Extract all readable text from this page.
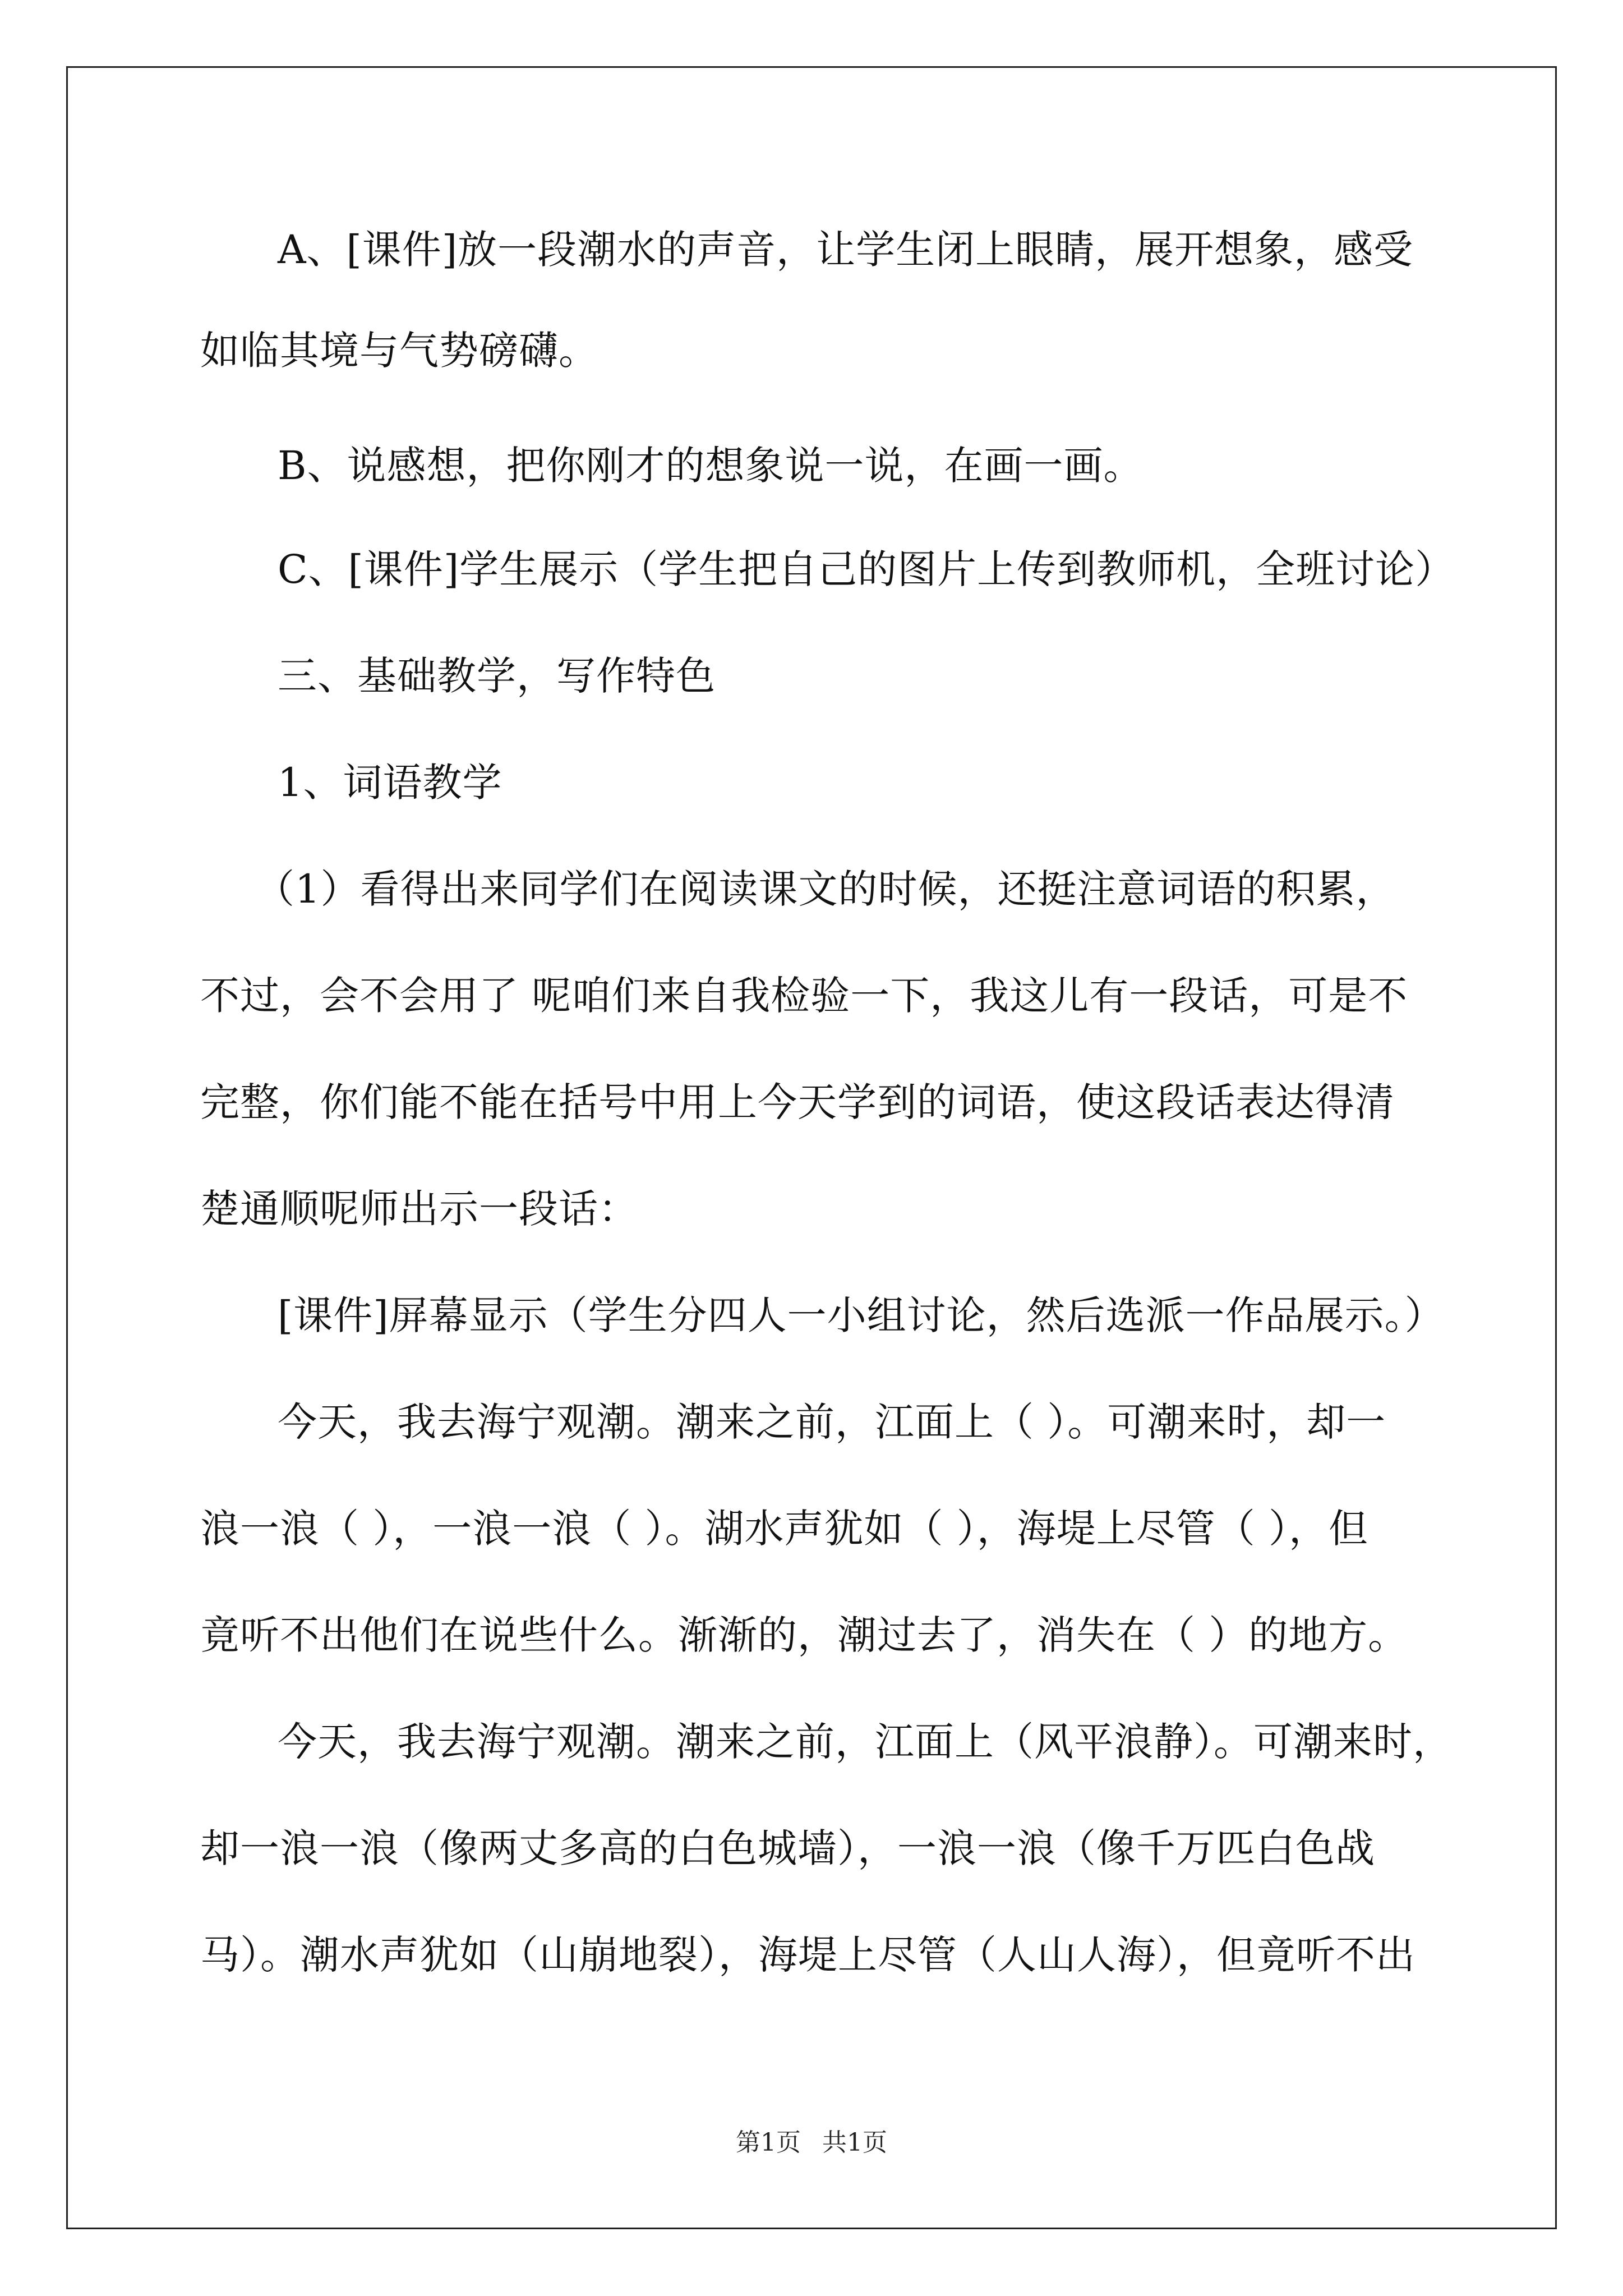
A、[课件]放一段潮水的声音，让学生闭上眼睛，展开想象，感受
如临其境与气势磅礴。
B、说感想，把你刚才的想象说一说，在画一画。
C、[课件]学生展示（学生把自己的图片上传到教师机，全班讨论）
三、基础教学，写作特色
1、词语教学
（1）看得出来同学们在阅读课文的时候，还挺注意词语的积累，
不过，会不会用了 呢咱们来自我检验一下，我这儿有一段话，可是不
完整，你们能不能在括号中用上今天学到的词语，使这段话表达得清
楚通顺呢师出示一段话：
[课件]屏幕显示（学生分四人一小组讨论，然后选派一作品展示。）
今天，我去海宁观潮。潮来之前，江面上（ ）。可潮来时，却一
浪一浪（ ），一浪一浪（ ）。湖水声犹如（ ），海堤上尽管（ ），但
竟听不出他们在说些什么。渐渐的，潮过去了，消失在（ ）的地方。
今天，我去海宁观潮。潮来之前，江面上（风平浪静）。可潮来时，
却一浪一浪（像两丈多高的白色城墙），一浪一浪（像千万匹白色战
马）。潮水声犹如（山崩地裂），海堤上尽管（人山人海），但竟听不出
第1页 共1页
